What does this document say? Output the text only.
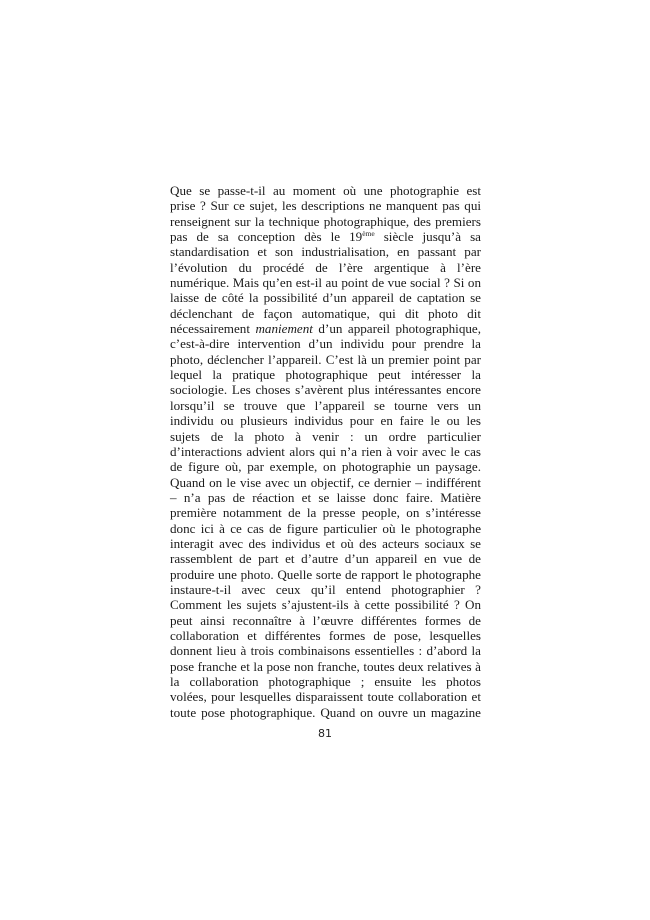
Que se passe-t-il au moment où une photographie est
prise ? Sur ce sujet, les descriptions ne manquent pas qui
renseignent sur la technique photographique, des premiers
pas de sa conception dès le 19ème siècle jusqu’à sa
standardisation et son industrialisation, en passant par
l’évolution du procédé de l’ère argentique à l’ère
numérique. Mais qu’en est-il au point de vue social ? Si on
laisse de côté la possibilité d’un appareil de captation se
déclenchant de façon automatique, qui dit photo dit
nécessairement maniement d’un appareil photographique,
c’est-à-dire intervention d’un individu pour prendre la
photo, déclencher l’appareil. C’est là un premier point par
lequel la pratique photographique peut intéresser la
sociologie. Les choses s’avèrent plus intéressantes encore
lorsqu’il se trouve que l’appareil se tourne vers un
individu ou plusieurs individus pour en faire le ou les
sujets de la photo à venir : un ordre particulier
d’interactions advient alors qui n’a rien à voir avec le cas
de figure où, par exemple, on photographie un paysage.
Quand on le vise avec un objectif, ce dernier – indifférent
– n’a pas de réaction et se laisse donc faire. Matière
première notamment de la presse people, on s’intéresse
donc ici à ce cas de figure particulier où le photographe
interagit avec des individus et où des acteurs sociaux se
rassemblent de part et d’autre d’un appareil en vue de
produire une photo. Quelle sorte de rapport le photographe
instaure-t-il avec ceux qu’il entend photographier ?
Comment les sujets s’ajustent-ils à cette possibilité ? On
peut ainsi reconnaître à l’œuvre différentes formes de
collaboration et différentes formes de pose, lesquelles
donnent lieu à trois combinaisons essentielles : d’abord la
pose franche et la pose non franche, toutes deux relatives à
la collaboration photographique ; ensuite les photos
volées, pour lesquelles disparaissent toute collaboration et
toute pose photographique. Quand on ouvre un magazine
81
